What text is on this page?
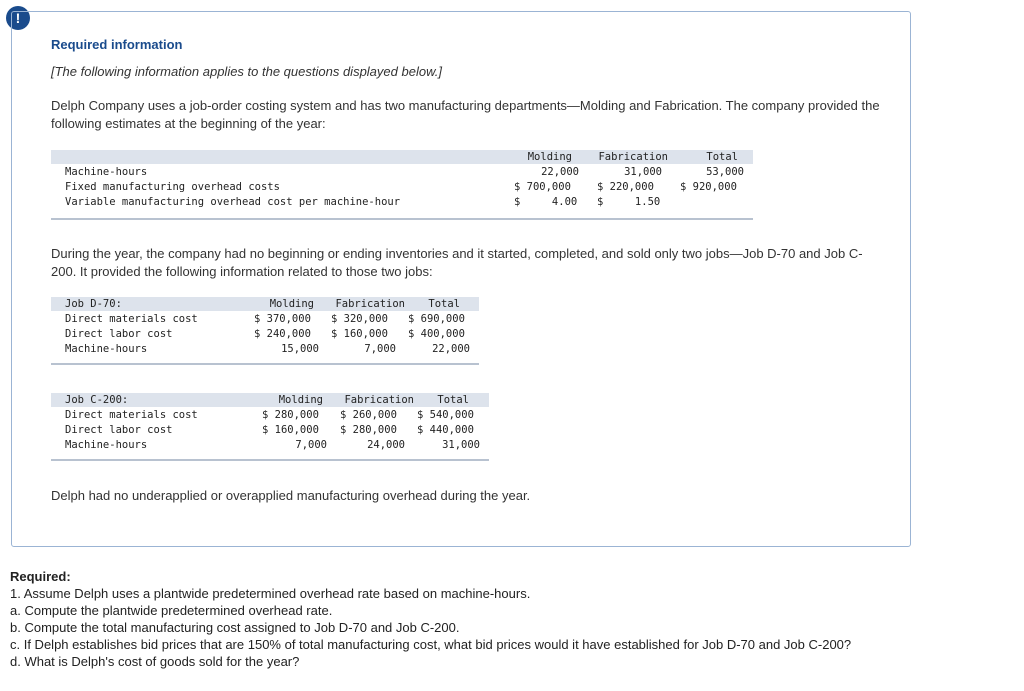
!
Required information
[The following information applies to the questions displayed below.]
Delph Company uses a job-order costing system and has two manufacturing departments—Molding and Fabrication. The company provided the following estimates at the beginning of the year:
Molding	Fabrication	Total
Machine-hours	22,000	31,000	53,000
Fixed manufacturing overhead costs	$ 700,000 $ 220,000 $ 920,000
Variable manufacturing overhead cost per machine-hour	$     4.00 $     1.50
During the year, the company had no beginning or ending inventories and it started, completed, and sold only two jobs—Job D-70 and Job C-200. It provided the following information related to those two jobs:
Job D-70:	Molding	Fabrication	Total
Direct materials cost	$ 370,000 $ 320,000 $ 690,000
Direct labor cost	$ 240,000 $ 160,000 $ 400,000
Machine-hours	15,000	7,000	22,000
Job C-200:	Molding	Fabrication	Total
Direct materials cost	$ 280,000 $ 260,000 $ 540,000
Direct labor cost	$ 160,000 $ 280,000 $ 440,000
Machine-hours	7,000	24,000	31,000
Delph had no underapplied or overapplied manufacturing overhead during the year.
Required:
1. Assume Delph uses a plantwide predetermined overhead rate based on machine-hours.
a. Compute the plantwide predetermined overhead rate.
b. Compute the total manufacturing cost assigned to Job D-70 and Job C-200.
c. If Delph establishes bid prices that are 150% of total manufacturing cost, what bid prices would it have established for Job D-70 and Job C-200?
d. What is Delph's cost of goods sold for the year?
